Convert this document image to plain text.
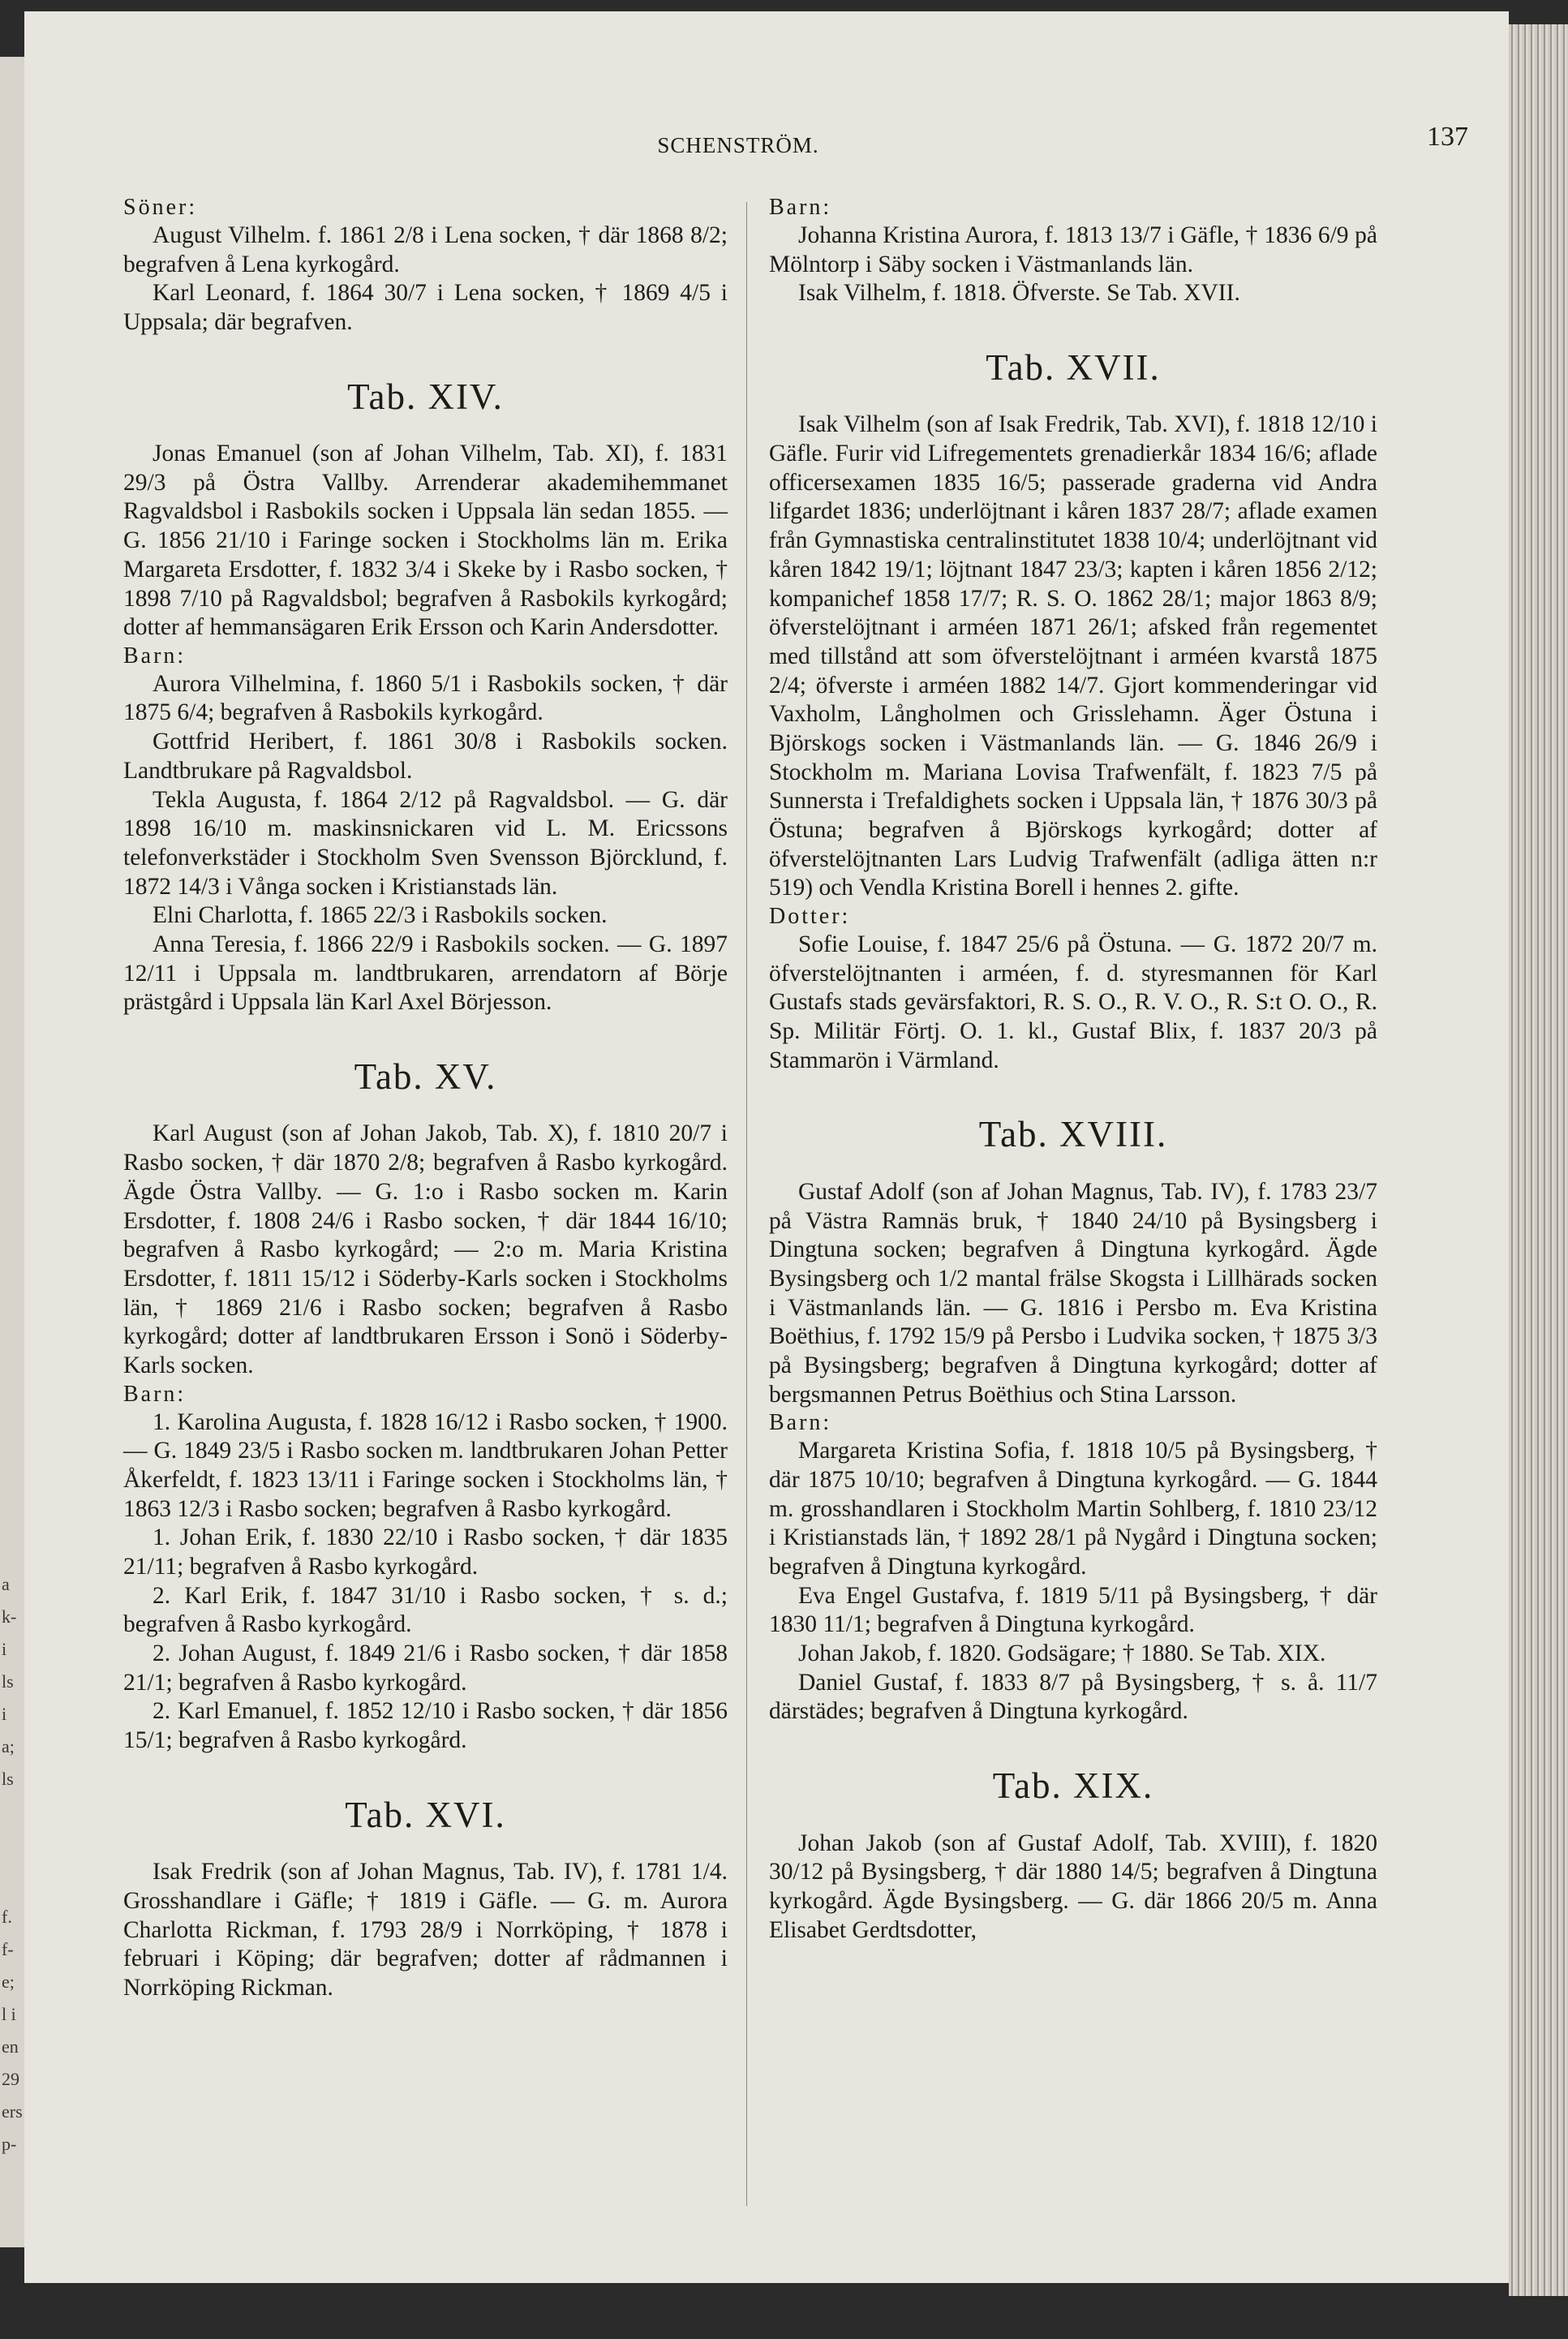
a
k-
i
ls
i
a;
ls
f.
f-
e;
l i
en
29
ers
p-
SCHENSTRÖM.	137

Söner:

August Vilhelm. f. 1861 2/8 i Lena socken, † där 1868 8/2; begrafven å Lena kyrkogård.

Karl Leonard, f. 1864 30/7 i Lena socken, † 1869 4/5 i Uppsala; där begrafven.

Tab. XIV.

Jonas Emanuel (son af Johan Vilhelm, Tab. XI), f. 1831 29/3 på Östra Vallby. Arrenderar akademihemmanet Ragvaldsbol i Rasbokils socken i Uppsala län sedan 1855. — G. 1856 21/10 i Faringe socken i Stockholms län m. Erika Margareta Ersdotter, f. 1832 3/4 i Skeke by i Rasbo socken, † 1898 7/10 på Ragvaldsbol; begrafven å Rasbokils kyrkogård; dotter af hemmansägaren Erik Ersson och Karin Andersdotter.

Barn:

Aurora Vilhelmina, f. 1860 5/1 i Rasbokils socken, † där 1875 6/4; begrafven å Rasbokils kyrkogård.

Gottfrid Heribert, f. 1861 30/8 i Rasbokils socken. Landtbrukare på Ragvaldsbol.

Tekla Augusta, f. 1864 2/12 på Ragvaldsbol. — G. där 1898 16/10 m. maskinsnickaren vid L. M. Ericssons telefonverkstäder i Stockholm Sven Svensson Björcklund, f. 1872 14/3 i Vånga socken i Kristianstads län.

Elni Charlotta, f. 1865 22/3 i Rasbokils socken.

Anna Teresia, f. 1866 22/9 i Rasbokils socken. — G. 1897 12/11 i Uppsala m. landtbrukaren, arrendatorn af Börje prästgård i Uppsala län Karl Axel Börjesson.

Tab. XV.

Karl August (son af Johan Jakob, Tab. X), f. 1810 20/7 i Rasbo socken, † där 1870 2/8; begrafven å Rasbo kyrkogård. Ägde Östra Vallby. — G. 1:o i Rasbo socken m. Karin Ersdotter, f. 1808 24/6 i Rasbo socken, † där 1844 16/10; begrafven å Rasbo kyrkogård; — 2:o m. Maria Kristina Ersdotter, f. 1811 15/12 i Söderby-Karls socken i Stockholms län, † 1869 21/6 i Rasbo socken; begrafven å Rasbo kyrkogård; dotter af landtbrukaren Ersson i Sonö i Söderby-Karls socken.

Barn:

1. Karolina Augusta, f. 1828 16/12 i Rasbo socken, † 1900. — G. 1849 23/5 i Rasbo socken m. landtbrukaren Johan Petter Åkerfeldt, f. 1823 13/11 i Faringe socken i Stockholms län, † 1863 12/3 i Rasbo socken; begrafven å Rasbo kyrkogård.

1. Johan Erik, f. 1830 22/10 i Rasbo socken, † där 1835 21/11; begrafven å Rasbo kyrkogård.

2. Karl Erik, f. 1847 31/10 i Rasbo socken, † s. d.; begrafven å Rasbo kyrkogård.

2. Johan August, f. 1849 21/6 i Rasbo socken, † där 1858 21/1; begrafven å Rasbo kyrkogård.

2. Karl Emanuel, f. 1852 12/10 i Rasbo socken, † där 1856 15/1; begrafven å Rasbo kyrkogård.

Tab. XVI.

Isak Fredrik (son af Johan Magnus, Tab. IV), f. 1781 1/4. Grosshandlare i Gäfle; † 1819 i Gäfle. — G. m. Aurora Charlotta Rickman, f. 1793 28/9 i Norrköping, † 1878 i februari i Köping; där begrafven; dotter af rådmannen i Norrköping Rickman.

Barn:

Johanna Kristina Aurora, f. 1813 13/7 i Gäfle, † 1836 6/9 på Mölntorp i Säby socken i Västmanlands län.

Isak Vilhelm, f. 1818. Öfverste. Se Tab. XVII.

Tab. XVII.

Isak Vilhelm (son af Isak Fredrik, Tab. XVI), f. 1818 12/10 i Gäfle. Furir vid Lifregementets grenadierkår 1834 16/6; aflade officersexamen 1835 16/5; passerade graderna vid Andra lifgardet 1836; underlöjtnant i kåren 1837 28/7; aflade examen från Gymnastiska centralinstitutet 1838 10/4; underlöjtnant vid kåren 1842 19/1; löjtnant 1847 23/3; kapten i kåren 1856 2/12; kompanichef 1858 17/7; R. S. O. 1862 28/1; major 1863 8/9; öfverstelöjtnant i arméen 1871 26/1; afsked från regementet med tillstånd att som öfverstelöjtnant i arméen kvarstå 1875 2/4; öfverste i arméen 1882 14/7. Gjort kommenderingar vid Vaxholm, Långholmen och Grisslehamn. Äger Östuna i Björskogs socken i Västmanlands län. — G. 1846 26/9 i Stockholm m. Mariana Lovisa Trafwenfält, f. 1823 7/5 på Sunnersta i Trefaldighets socken i Uppsala län, † 1876 30/3 på Östuna; begrafven å Björskogs kyrkogård; dotter af öfverstelöjtnanten Lars Ludvig Trafwenfält (adliga ätten n:r 519) och Vendla Kristina Borell i hennes 2. gifte.

Dotter:

Sofie Louise, f. 1847 25/6 på Östuna. — G. 1872 20/7 m. öfverstelöjtnanten i arméen, f. d. styresmannen för Karl Gustafs stads gevärsfaktori, R. S. O., R. V. O., R. S:t O. O., R. Sp. Militär Förtj. O. 1. kl., Gustaf Blix, f. 1837 20/3 på Stammarön i Värmland.

Tab. XVIII.

Gustaf Adolf (son af Johan Magnus, Tab. IV), f. 1783 23/7 på Västra Ramnäs bruk, † 1840 24/10 på Bysingsberg i Dingtuna socken; begrafven å Dingtuna kyrkogård. Ägde Bysingsberg och 1/2 mantal frälse Skogsta i Lillhärads socken i Västmanlands län. — G. 1816 i Persbo m. Eva Kristina Boëthius, f. 1792 15/9 på Persbo i Ludvika socken, † 1875 3/3 på Bysingsberg; begrafven å Dingtuna kyrkogård; dotter af bergsmannen Petrus Boëthius och Stina Larsson.

Barn:

Margareta Kristina Sofia, f. 1818 10/5 på Bysingsberg, † där 1875 10/10; begrafven å Dingtuna kyrkogård. — G. 1844 m. grosshandlaren i Stockholm Martin Sohlberg, f. 1810 23/12 i Kristianstads län, † 1892 28/1 på Nygård i Dingtuna socken; begrafven å Dingtuna kyrkogård.

Eva Engel Gustafva, f. 1819 5/11 på Bysingsberg, † där 1830 11/1; begrafven å Dingtuna kyrkogård.

Johan Jakob, f. 1820. Godsägare; † 1880. Se Tab. XIX.

Daniel Gustaf, f. 1833 8/7 på Bysingsberg, † s. å. 11/7 därstädes; begrafven å Dingtuna kyrkogård.

Tab. XIX.

Johan Jakob (son af Gustaf Adolf, Tab. XVIII), f. 1820 30/12 på Bysingsberg, † där 1880 14/5; begrafven å Dingtuna kyrkogård. Ägde Bysingsberg. — G. där 1866 20/5 m. Anna Elisabet Gerdtsdotter,
